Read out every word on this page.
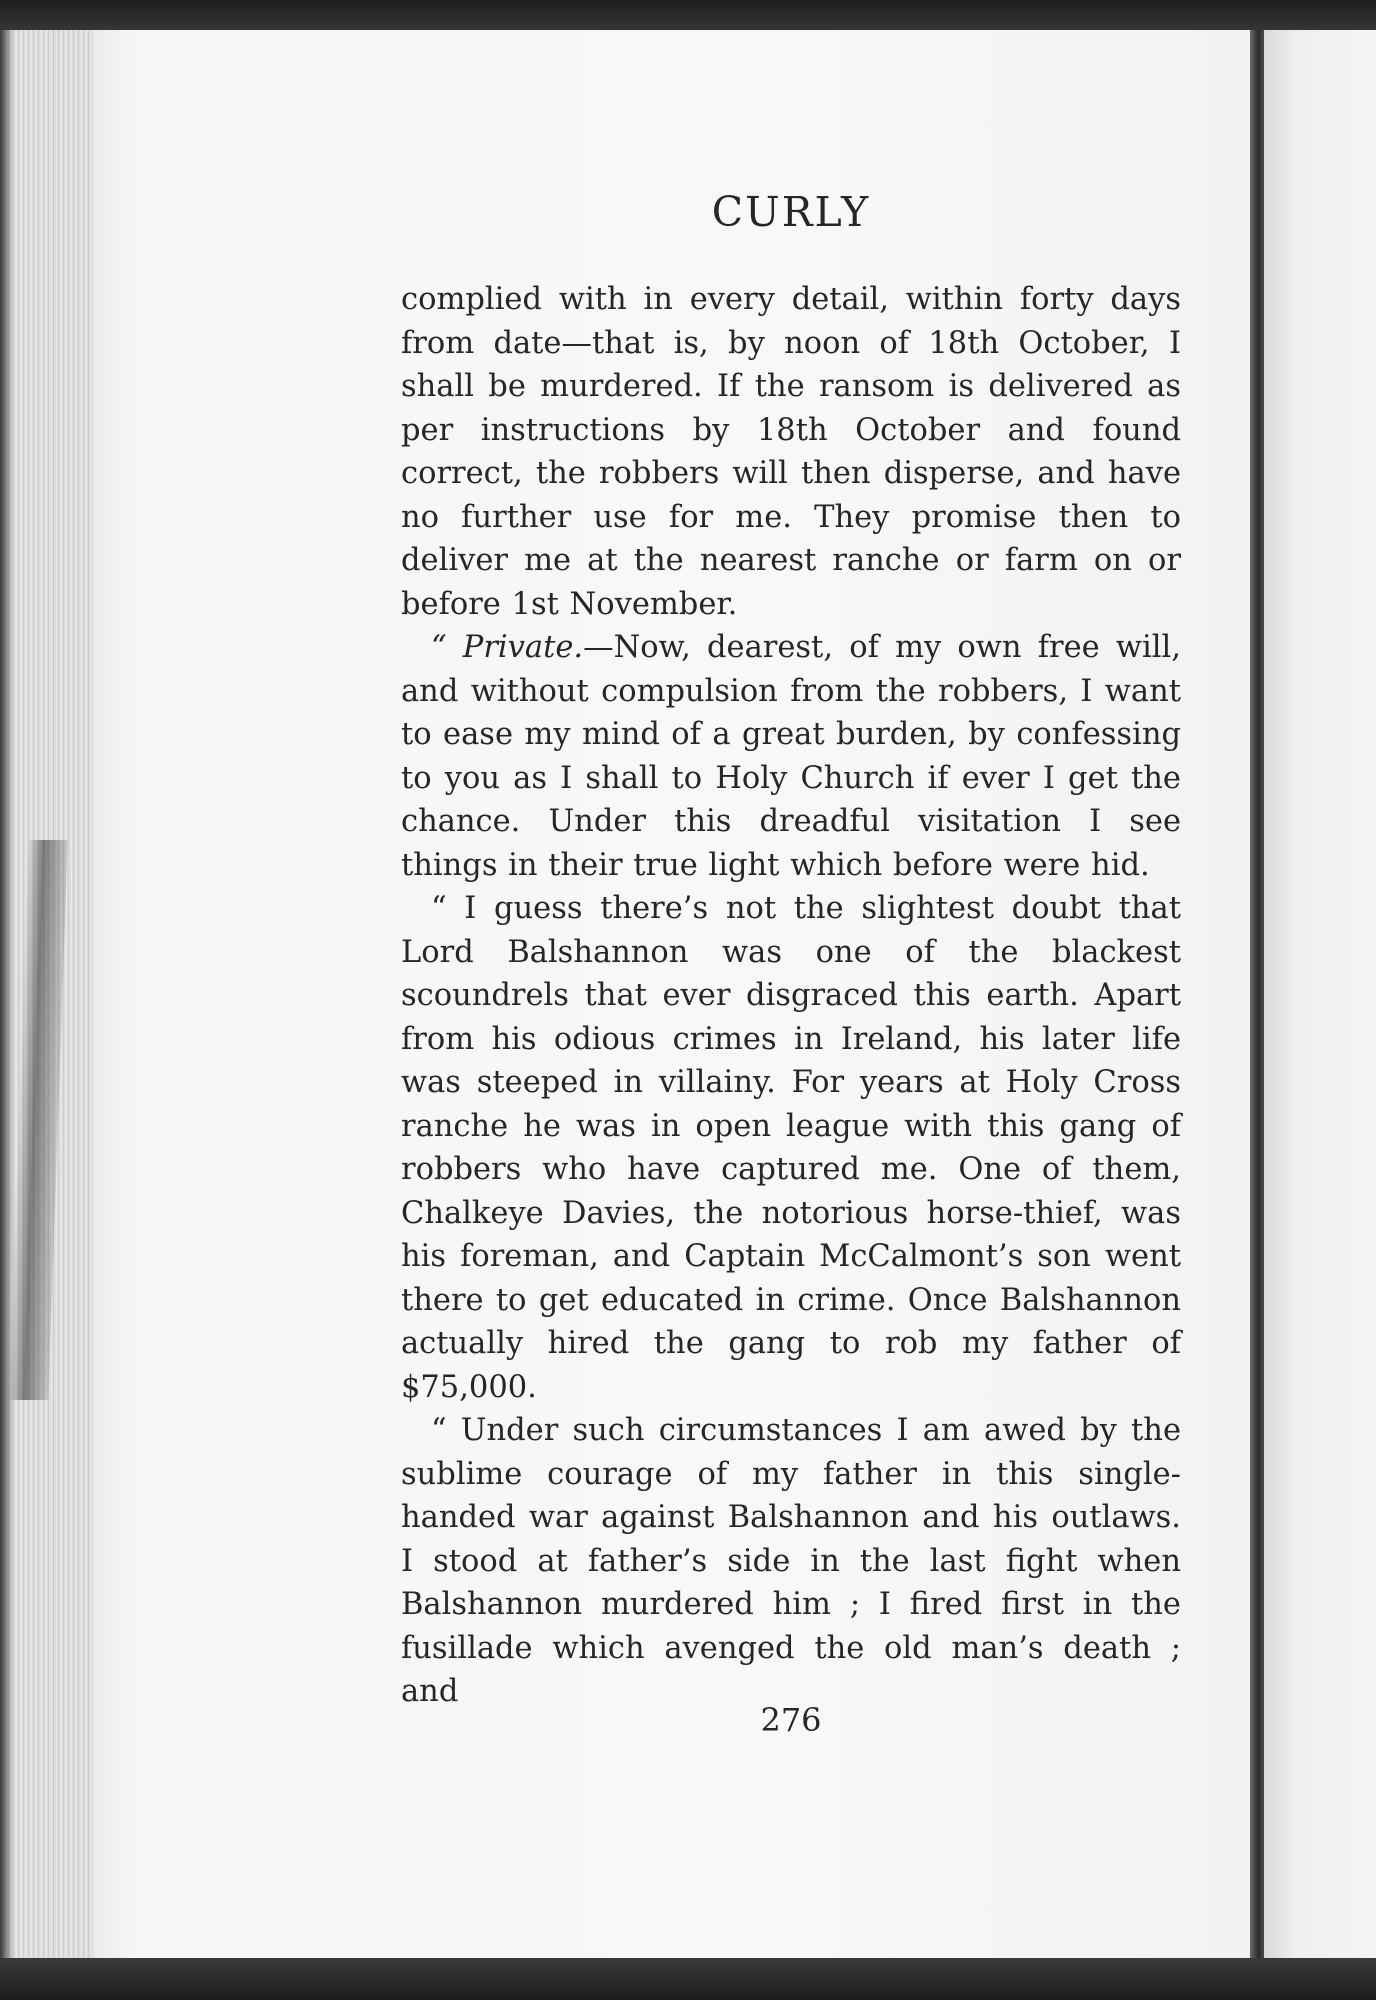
CURLY

complied with in every detail, within forty days from date—that is, by noon of 18th October, I shall be murdered. If the ransom is delivered as per instructions by 18th October and found correct, the robbers will then disperse, and have no further use for me. They promise then to deliver me at the nearest ranche or farm on or before 1st November.

“ Private.—Now, dearest, of my own free will, and without compulsion from the robbers, I want to ease my mind of a great burden, by confessing to you as I shall to Holy Church if ever I get the chance. Under this dreadful visitation I see things in their true light which before were hid.

“ I guess there’s not the slightest doubt that Lord Balshannon was one of the blackest scoundrels that ever disgraced this earth. Apart from his odious crimes in Ireland, his later life was steeped in villainy. For years at Holy Cross ranche he was in open league with this gang of robbers who have captured me. One of them, Chalkeye Davies, the notorious horse-thief, was his foreman, and Captain McCalmont’s son went there to get educated in crime. Once Balshannon actually hired the gang to rob my father of $75,000.

“ Under such circumstances I am awed by the sublime courage of my father in this single-handed war against Balshannon and his outlaws. I stood at father’s side in the last fight when Balshannon murdered him ; I fired first in the fusillade which avenged the old man’s death ; and

276
